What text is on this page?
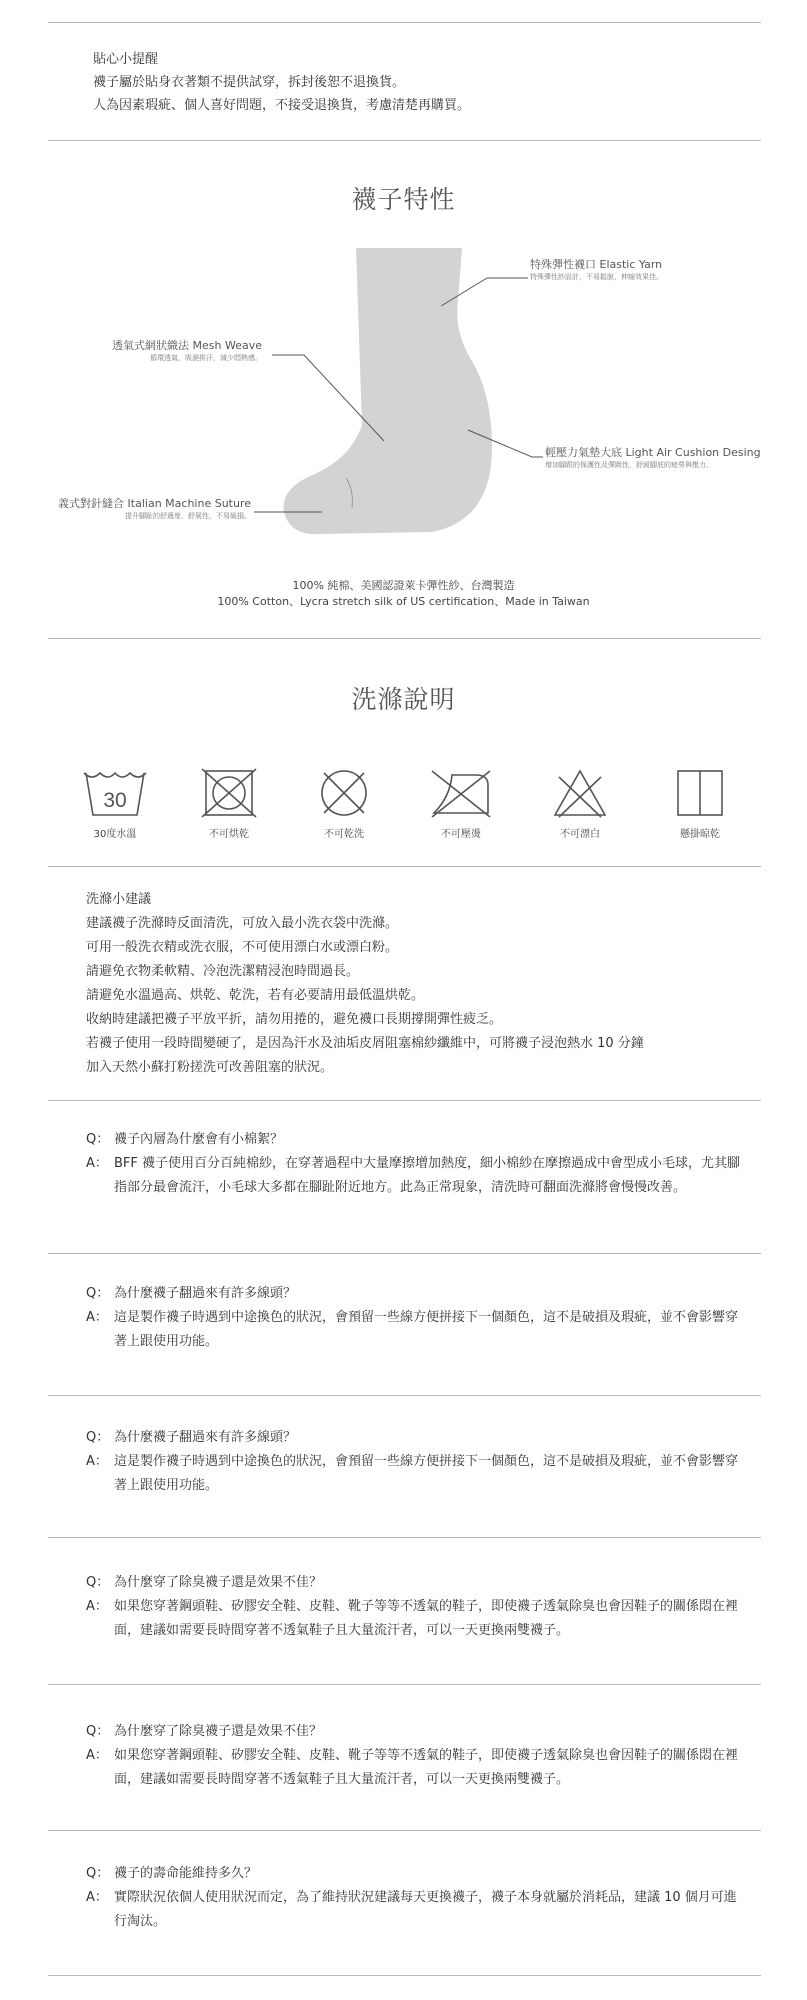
貼心小提醒
襪子屬於貼身衣著類不提供試穿，拆封後恕不退換貨。
人為因素瑕疵、個人喜好問題，不接受退換貨，考慮清楚再購買。
襪子特性
特殊彈性襪口 Elastic Yarn
特殊彈性紗設計，不易鬆脫，伸縮效果佳。
透氣式網狀織法 Mesh Weave
循環透氣，吸濕排汗，減少悶熱感。
輕壓力氣墊大底 Light Air Cushion Desing
增加腳跟的保護性及彈跳性，舒緩腳底的疲勞與壓力。
義式對針縫合 Italian Machine Suture
提升腳趾的舒適度、舒展性，不易破損。
100% 純棉、美國認證萊卡彈性紗、台灣製造
100% Cotton、Lycra stretch silk of US certification、Made in Taiwan
洗滌說明
30
30度水溫	不可烘乾	不可乾洗	不可壓燙	不可漂白	懸掛晾乾
洗滌小建議
建議襪子洗滌時反面清洗，可放入最小洗衣袋中洗滌。
可用一般洗衣精或洗衣服，不可使用漂白水或漂白粉。
請避免衣物柔軟精、冷泡洗潔精浸泡時間過長。
請避免水溫過高、烘乾、乾洗，若有必要請用最低溫烘乾。
收納時建議把襪子平放平折，請勿用捲的，避免襪口長期撐開彈性疲乏。
若襪子使用一段時間變硬了，是因為汗水及油垢皮屑阻塞棉紗纖維中，可將襪子浸泡熱水 10 分鐘
加入天然小蘇打粉搓洗可改善阻塞的狀況。
Q： 襪子內層為什麼會有小棉絮？
A： BFF 襪子使用百分百純棉紗，在穿著過程中大量摩擦增加熱度，細小棉紗在摩擦過成中會型成小毛球，尤其腳指部分最會流汗，小毛球大多都在腳趾附近地方。此為正常現象，清洗時可翻面洗滌將會慢慢改善。
Q： 為什麼襪子翻過來有許多線頭？
A： 這是製作襪子時遇到中途換色的狀況，會預留一些線方便拼接下一個顏色，這不是破損及瑕疵，並不會影響穿著上跟使用功能。
Q： 為什麼襪子翻過來有許多線頭？
A： 這是製作襪子時遇到中途換色的狀況，會預留一些線方便拼接下一個顏色，這不是破損及瑕疵，並不會影響穿著上跟使用功能。
Q： 為什麼穿了除臭襪子還是效果不佳？
A： 如果您穿著鋼頭鞋、矽膠安全鞋、皮鞋、靴子等等不透氣的鞋子，即使襪子透氣除臭也會因鞋子的關係悶在裡面，建議如需要長時間穿著不透氣鞋子且大量流汗者，可以一天更換兩雙襪子。
Q： 為什麼穿了除臭襪子還是效果不佳？
A： 如果您穿著鋼頭鞋、矽膠安全鞋、皮鞋、靴子等等不透氣的鞋子，即使襪子透氣除臭也會因鞋子的關係悶在裡面，建議如需要長時間穿著不透氣鞋子且大量流汗者，可以一天更換兩雙襪子。
Q： 襪子的壽命能維持多久？
A： 實際狀況依個人使用狀況而定，為了維持狀況建議每天更換襪子，襪子本身就屬於消耗品，建議 10 個月可進行淘汰。
